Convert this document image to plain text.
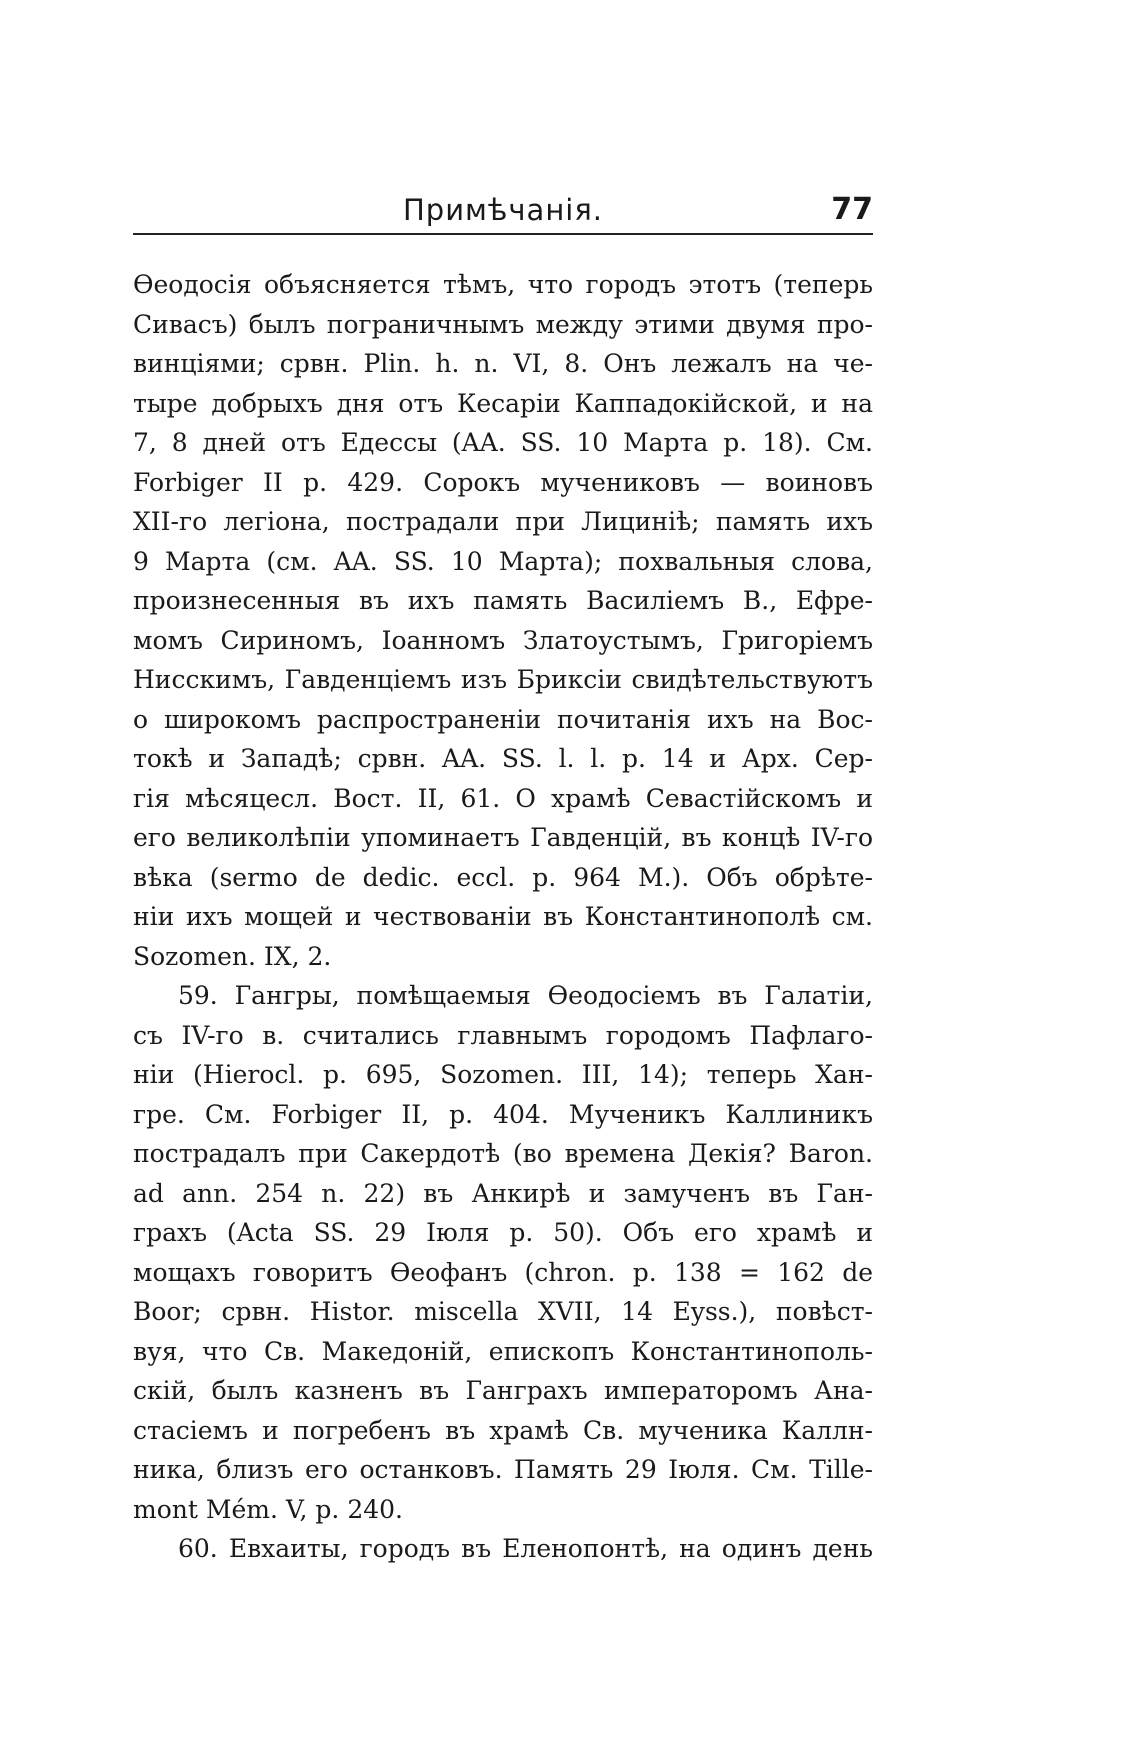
Примѣчанія.	77
Ѳеодосія объясняется тѣмъ, что городъ этотъ (теперь
Сивасъ) былъ пограничнымъ между этими двумя про-
винціями; срвн. Plin. h. n. VI, 8. Онъ лежалъ на че-
тыре добрыхъ дня отъ Кесаріи Каппадокійской, и на
7, 8 дней отъ Едессы (AA. SS. 10 Марта p. 18). См.
Forbiger II p. 429. Сорокъ мучениковъ — воиновъ
XII-го легіона, пострадали при Лициніѣ; память ихъ
9 Марта (см. AA. SS. 10 Марта); похвальныя слова,
произнесенныя въ ихъ память Василіемъ В., Ефре-
момъ Сириномъ, Іоанномъ Златоустымъ, Григоріемъ
Нисскимъ, Гавденціемъ изъ Бриксіи свидѣтельствуютъ
о широкомъ распространеніи почитанія ихъ на Вос-
токѣ и Западѣ; срвн. AA. SS. l. l. p. 14 и Арх. Сер-
гія мѣсяцесл. Вост. II, 61. О храмѣ Севастійскомъ и
его великолѣпіи упоминаетъ Гавденцій, въ концѣ IV-го
вѣка (sermo de dedic. eccl. p. 964 M.). Объ обрѣте-
ніи ихъ мощей и чествованіи въ Константинополѣ см.
Sozomen. IX, 2.
59. Гангры, помѣщаемыя Ѳеодосіемъ въ Галатіи,
съ IV-го в. считались главнымъ городомъ Пафлаго-
ніи (Hierocl. p. 695, Sozomen. III, 14); теперь Хан-
гре. См. Forbiger II, p. 404. Мученикъ Каллиникъ
пострадалъ при Сакердотѣ (во времена Декія? Baron.
ad ann. 254 n. 22) въ Анкирѣ и замученъ въ Ган-
грахъ (Acta SS. 29 Іюля p. 50). Объ его храмѣ и
мощахъ говоритъ Ѳеофанъ (chron. p. 138 = 162 de
Boor; срвн. Histor. miscella XVII, 14 Eyss.), повѣст-
вуя, что Св. Македоній, епископъ Константинополь-
скій, былъ казненъ въ Ганграхъ императоромъ Ана-
стасіемъ и погребенъ въ храмѣ Св. мученика Каллн-
ника, близъ его останковъ. Память 29 Іюля. См. Tille-
mont Mém. V, p. 240.
60. Евхаиты, городъ въ Еленопонтѣ, на одинъ день
